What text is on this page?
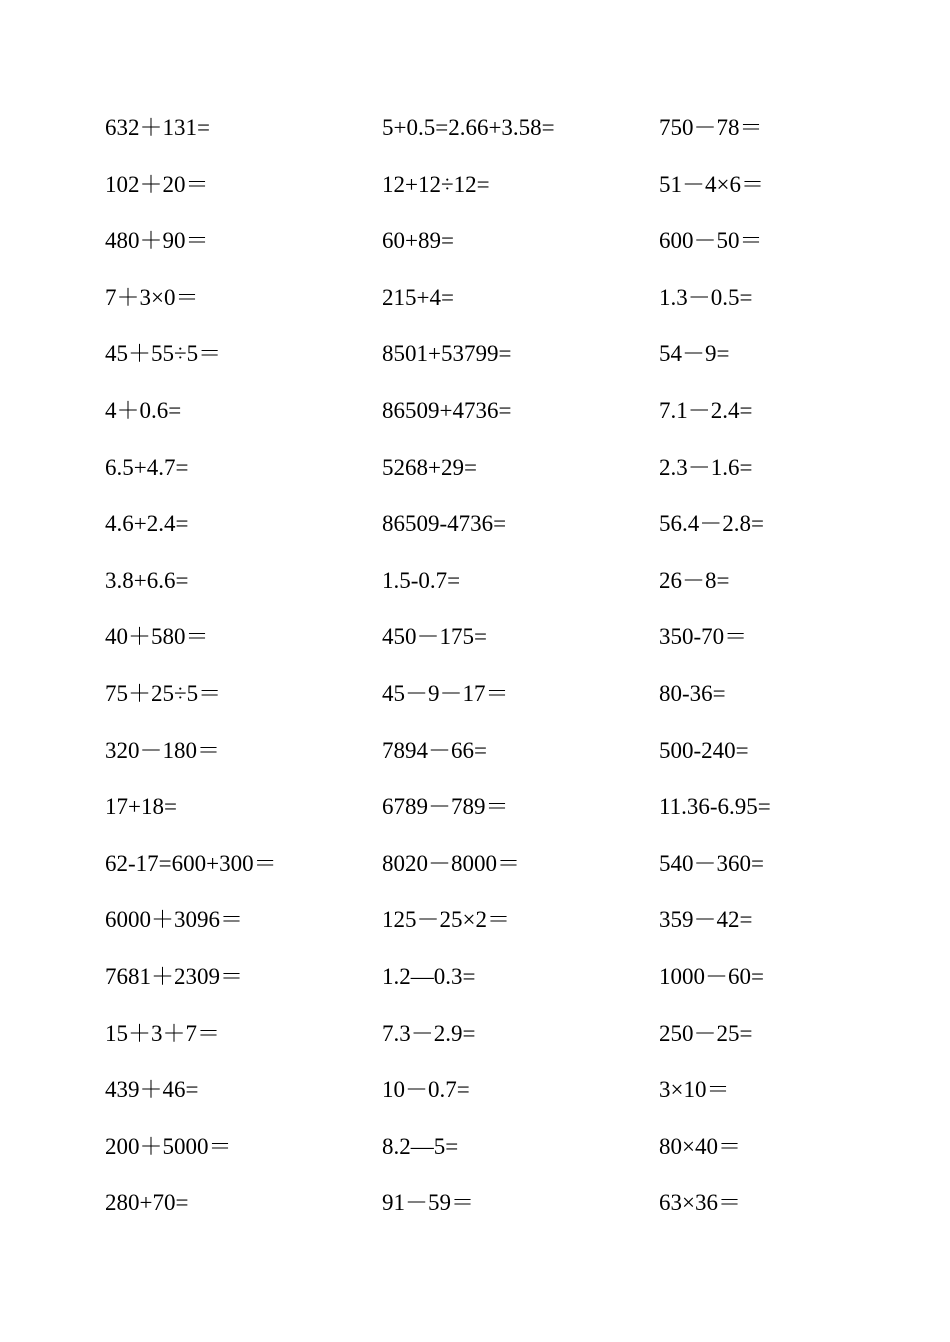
632＋131=	5+0.5=2.66+3.58=	750－78＝
102＋20＝	12+12÷12=	51－4×6＝
480＋90＝	60+89=	600－50＝
7＋3×0＝	215+4=	1.3－0.5=
45＋55÷5＝	8501+53799=	54－9=
4＋0.6=	86509+4736=	7.1－2.4=
6.5+4.7=	5268+29=	2.3－1.6=
4.6+2.4=	86509-4736=	56.4－2.8=
3.8+6.6=	1.5-0.7=	26－8=
40＋580＝	450－175=	350-70＝
75＋25÷5＝	45－9－17＝	80-36=
320－180＝	7894－66=	500-240=
17+18=	6789－789＝	11.36-6.95=
62-17=600+300＝	8020－8000＝	540－360=
6000＋3096＝	125－25×2＝	359－42=
7681＋2309＝	1.2—0.3=	1000－60=
15＋3＋7＝	7.3－2.9=	250－25=
439＋46=	10－0.7=	3×10＝
200＋5000＝	8.2—5=	80×40＝
280+70=	91－59＝	63×36＝
